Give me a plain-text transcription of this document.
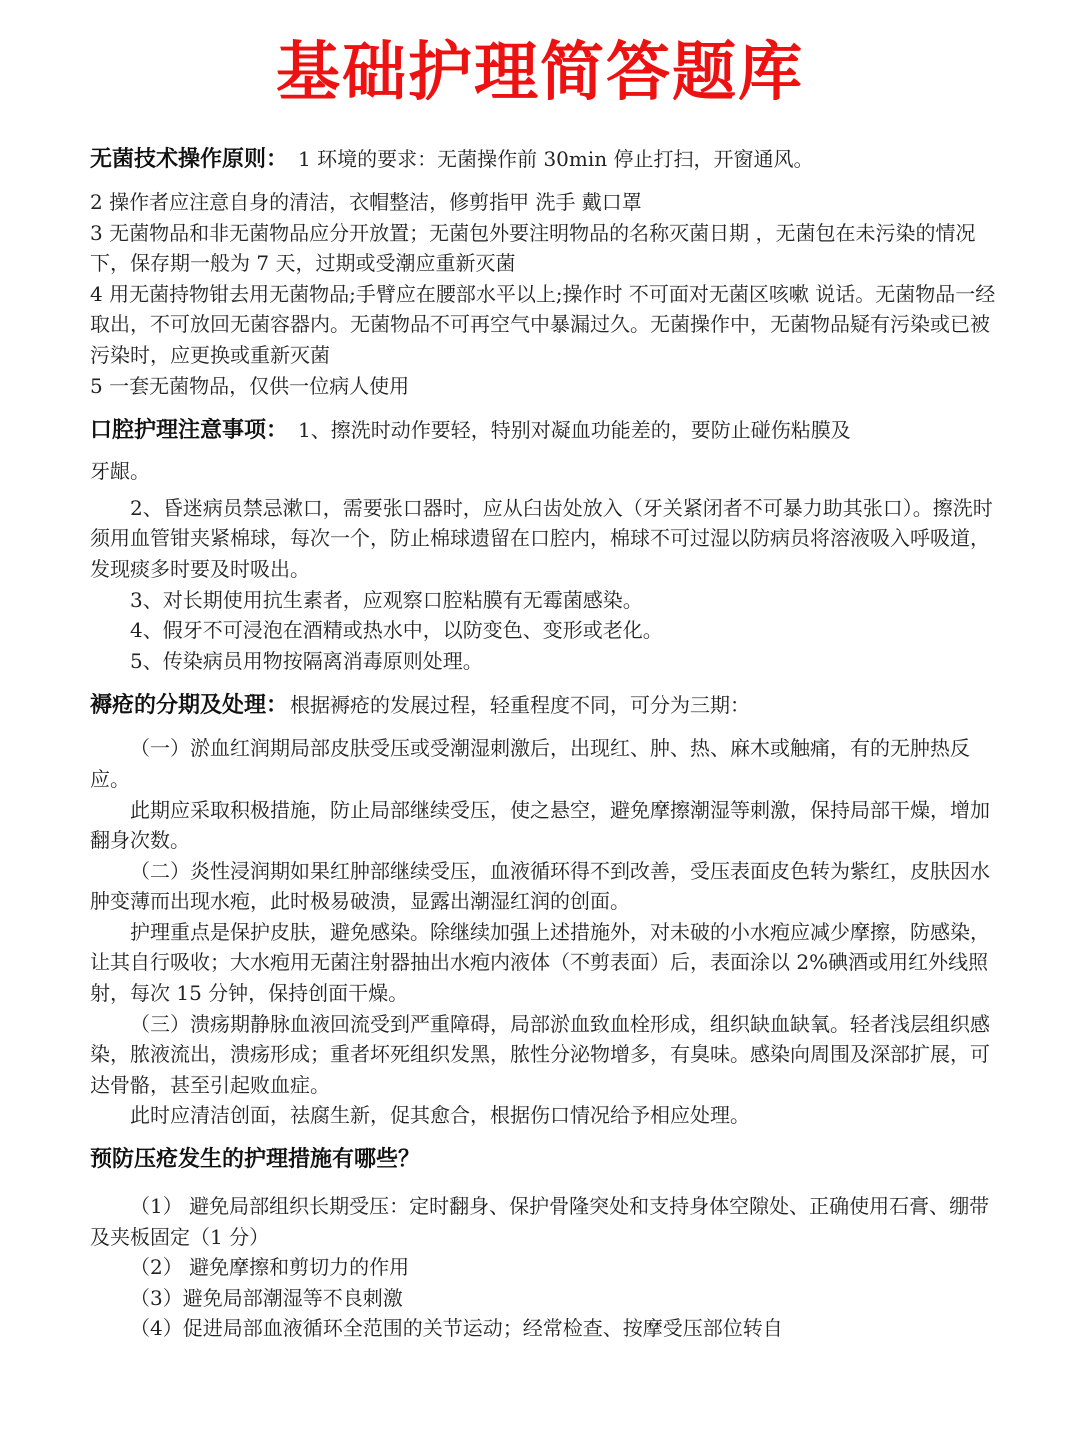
基础护理简答题库
无菌技术操作原则： 1 环境的要求：无菌操作前 30min 停止打扫，开窗通风。

2 操作者应注意自身的清洁，衣帽整洁，修剪指甲 洗手 戴口罩

3 无菌物品和非无菌物品应分开放置；无菌包外要注明物品的名称灭菌日期 ，无菌包在未污染的情况下，保存期一般为 7 天，过期或受潮应重新灭菌

4 用无菌持物钳去用无菌物品;手臂应在腰部水平以上;操作时 不可面对无菌区咳嗽 说话。无菌物品一经取出，不可放回无菌容器内。无菌物品不可再空气中暴漏过久。无菌操作中，无菌物品疑有污染或已被污染时，应更换或重新灭菌

5 一套无菌物品，仅供一位病人使用

口腔护理注意事项： 1、擦洗时动作要轻，特别对凝血功能差的，要防止碰伤粘膜及

牙龈。

2、昏迷病员禁忌漱口，需要张口器时，应从臼齿处放入（牙关紧闭者不可暴力助其张口）。擦洗时须用血管钳夹紧棉球，每次一个，防止棉球遗留在口腔内，棉球不可过湿以防病员将溶液吸入呼吸道，发现痰多时要及时吸出。

3、对长期使用抗生素者，应观察口腔粘膜有无霉菌感染。

4、假牙不可浸泡在酒精或热水中，以防变色、变形或老化。

5、传染病员用物按隔离消毒原则处理。

褥疮的分期及处理： 根据褥疮的发展过程，轻重程度不同，可分为三期：

（一）淤血红润期局部皮肤受压或受潮湿刺激后，出现红、肿、热、麻木或触痛，有的无肿热反应。

此期应采取积极措施，防止局部继续受压，使之悬空，避免摩擦潮湿等刺激，保持局部干燥，增加翻身次数。

（二）炎性浸润期如果红肿部继续受压，血液循环得不到改善，受压表面皮色转为紫红，皮肤因水肿变薄而出现水疱，此时极易破溃，显露出潮湿红润的创面。

护理重点是保护皮肤，避免感染。除继续加强上述措施外，对未破的小水疱应减少摩擦，防感染，让其自行吸收；大水疱用无菌注射器抽出水疱内液体（不剪表面）后，表面涂以 2%碘酒或用红外线照射，每次 15 分钟，保持创面干燥。

（三）溃疡期静脉血液回流受到严重障碍，局部淤血致血栓形成，组织缺血缺氧。轻者浅层组织感染，脓液流出，溃疡形成；重者坏死组织发黑，脓性分泌物增多，有臭味。感染向周围及深部扩展，可达骨骼，甚至引起败血症。

此时应清洁创面，祛腐生新，促其愈合，根据伤口情况给予相应处理。

预防压疮发生的护理措施有哪些？

（1） 避免局部组织长期受压：定时翻身、保护骨隆突处和支持身体空隙处、正确使用石膏、绷带及夹板固定（1 分）

（2） 避免摩擦和剪切力的作用

（3）避免局部潮湿等不良刺激

（4）促进局部血液循环全范围的关节运动；经常检查、按摩受压部位转自
